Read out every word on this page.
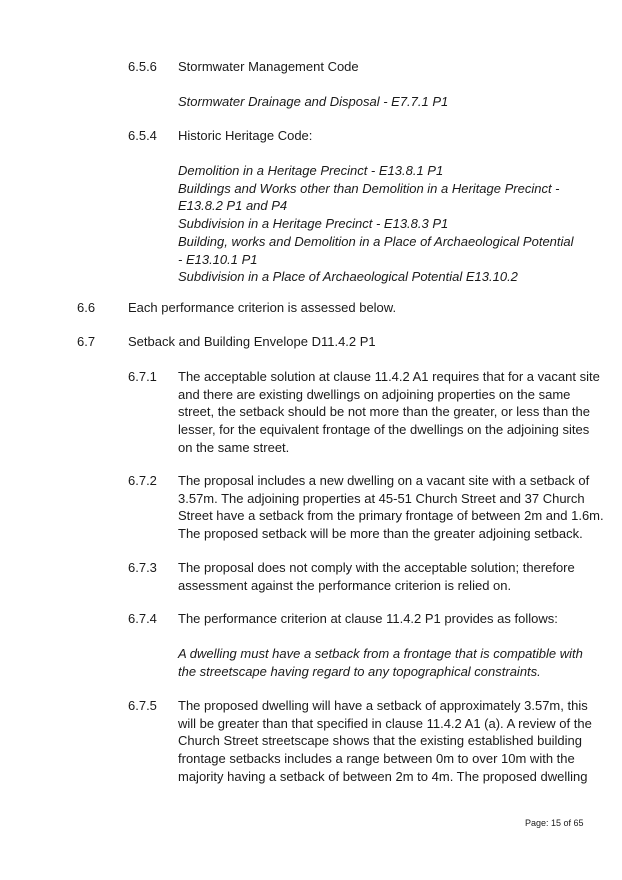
6.5.6 Stormwater Management Code
Stormwater Drainage and Disposal - E7.7.1 P1
6.5.4 Historic Heritage Code:
Demolition in a Heritage Precinct - E13.8.1 P1
Buildings and Works other than Demolition in a Heritage Precinct -
E13.8.2 P1 and P4
Subdivision in a Heritage Precinct - E13.8.3 P1
Building, works and Demolition in a Place of Archaeological Potential
- E13.10.1 P1
Subdivision in a Place of Archaeological Potential E13.10.2
6.6	Each performance criterion is assessed below.
6.7	Setback and Building Envelope D11.4.2 P1
6.7.1 The acceptable solution at clause 11.4.2 A1 requires that for a vacant site
and there are existing dwellings on adjoining properties on the same
street, the setback should be not more than the greater, or less than the
lesser, for the equivalent frontage of the dwellings on the adjoining sites
on the same street.
6.7.2 The proposal includes a new dwelling on a vacant site with a setback of
3.57m. The adjoining properties at 45-51 Church Street and 37 Church
Street have a setback from the primary frontage of between 2m and 1.6m.
The proposed setback will be more than the greater adjoining setback.
6.7.3 The proposal does not comply with the acceptable solution; therefore
assessment against the performance criterion is relied on.
6.7.4 The performance criterion at clause 11.4.2 P1 provides as follows:
A dwelling must have a setback from a frontage that is compatible with
the streetscape having regard to any topographical constraints.
6.7.5 The proposed dwelling will have a setback of approximately 3.57m, this
will be greater than that specified in clause 11.4.2 A1 (a). A review of the
Church Street streetscape shows that the existing established building
frontage setbacks includes a range between 0m to over 10m with the
majority having a setback of between 2m to 4m. The proposed dwelling
Page: 15 of 65
